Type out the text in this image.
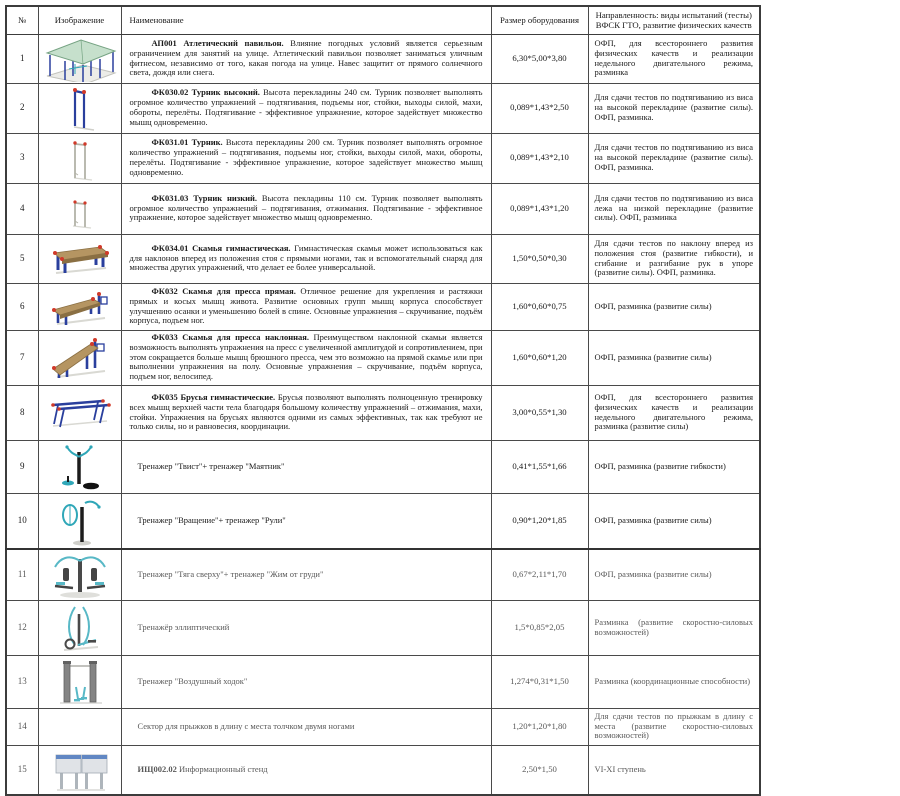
№	Изображение	Наименование	Размер оборудования	Направленность: виды испытаний (тесты) ВФСК ГТО, развитие физических качеств
1		АП001 Атлетический павильон. Влияние погодных условий является серьезным ограничением для занятий на улице. Атлетический павильон позволяет заниматься уличным фитнесом, независимо от того, какая погода на улице. Навес защитит от прямого солнечного света, дождя или снега.	6,30*5,00*3,80	ОФП, для всестороннего развития физических качеств и реализации недельного двигательного режима, разминка
2		ФК030.02 Турник высокий. Высота перекладины 240 см. Турник позволяет выполнять огромное количество упражнений – подтягивания, подъемы ног, стойки, выходы силой, махи, обороты, перелёты. Подтягивание - эффективное упражнение, которое задействует множество мышц одновременно.	0,089*1,43*2,50	Для сдачи тестов по подтягиванию из виса на высокой перекладине (развитие силы). ОФП, разминка.
3		ФК031.01 Турник. Высота перекладины 200 см. Турник позволяет выполнять огромное количество упражнений – подтягивания, подъемы ног, стойки, выходы силой, махи, обороты, перелёты. Подтягивание - эффективное упражнение, которое задействует множество мышц одновременно.	0,089*1,43*2,10	Для сдачи тестов по подтягиванию из виса на высокой перекладине (развитие силы). ОФП, разминка.
4		ФК031.03 Турник низкий. Высота пекладины 110 см. Турник позволяет выполнять огромное количество упражнений – подтягивания, отжимания. Подтягивание - эффективное упражнение, которое задействует множество мышц одновременно.	0,089*1,43*1,20	Для сдачи тестов по подтягиванию из виса лежа на низкой перекладине (развитие силы). ОФП, разминка
5		ФК034.01 Скамья гимнастическая. Гимнастическая скамья может использоваться как для наклонов вперед из положения стоя с прямыми ногами, так и вспомогательный снаряд для множества других упражнений, что делает ее более универсальной.	1,50*0,50*0,30	Для сдачи тестов по наклону вперед из положения стоя (развитие гибкости), и сгибание и разгибание рук в упоре (развитие силы). ОФП, разминка.
6		ФК032 Скамья для пресса прямая. Отличное решение для укрепления и растяжки прямых и косых мышц живота. Развитие основных групп мышц корпуса способствует улучшению осанки и уменьшению болей в спине. Основные упражнения – скручивание, подъём корпуса, подъем ног.	1,60*0,60*0,75	ОФП, разминка (развитие силы)
7		ФК033 Скамья для пресса наклонная. Преимуществом наклонной скамьи является возможность выполнять упражнения на пресс с увеличенной амплитудой и сопротивлением, при этом сокращается больше мышц брюшного пресса, чем это возможно на прямой скамье или при выполнении упражнения на полу. Основные упражнения – скручивание, подъём корпуса, подъем ног, велосипед.	1,60*0,60*1,20	ОФП, разминка (развитие силы)
8		ФК035 Брусья гимнастические. Брусья позволяют выполнять полноценную тренировку всех мышц верхней части тела благодаря большому количеству упражнений – отжимания, махи, стойки. Упражнения на брусьях являются одними из самых эффективных, так как требуют не только силы, но и равновесия, координации.	3,00*0,55*1,30	ОФП, для всестороннего развития физических качеств и реализации недельного двигательного режима, разминка (развитие силы)
9		Тренажер "Твист"+ тренажер "Маятник"	0,41*1,55*1,66	ОФП, разминка (развитие гибкости)
10		Тренажер "Вращение"+ тренажер "Рули"	0,90*1,20*1,85	ОФП, разминка (развитие силы)
11		Тренажер "Тяга сверху"+ тренажер "Жим от груди"	0,67*2,11*1,70	ОФП, разминка (развитие силы)
12		Тренажёр эллиптический	1,5*0,85*2,05	Разминка (развитие скоростно-силовых возможностей)
13		Тренажер "Воздушный ходок"	1,274*0,31*1,50	Разминка (координационные способности)
14		Сектор для прыжков в длину с места толчком двумя ногами	1,20*1,20*1,80	Для сдачи тестов по прыжкам в длину с места (развитие скоростно-силовых возможностей)
15		ИЩ002.02 Информационный стенд	2,50*1,50	VI-XI ступень
